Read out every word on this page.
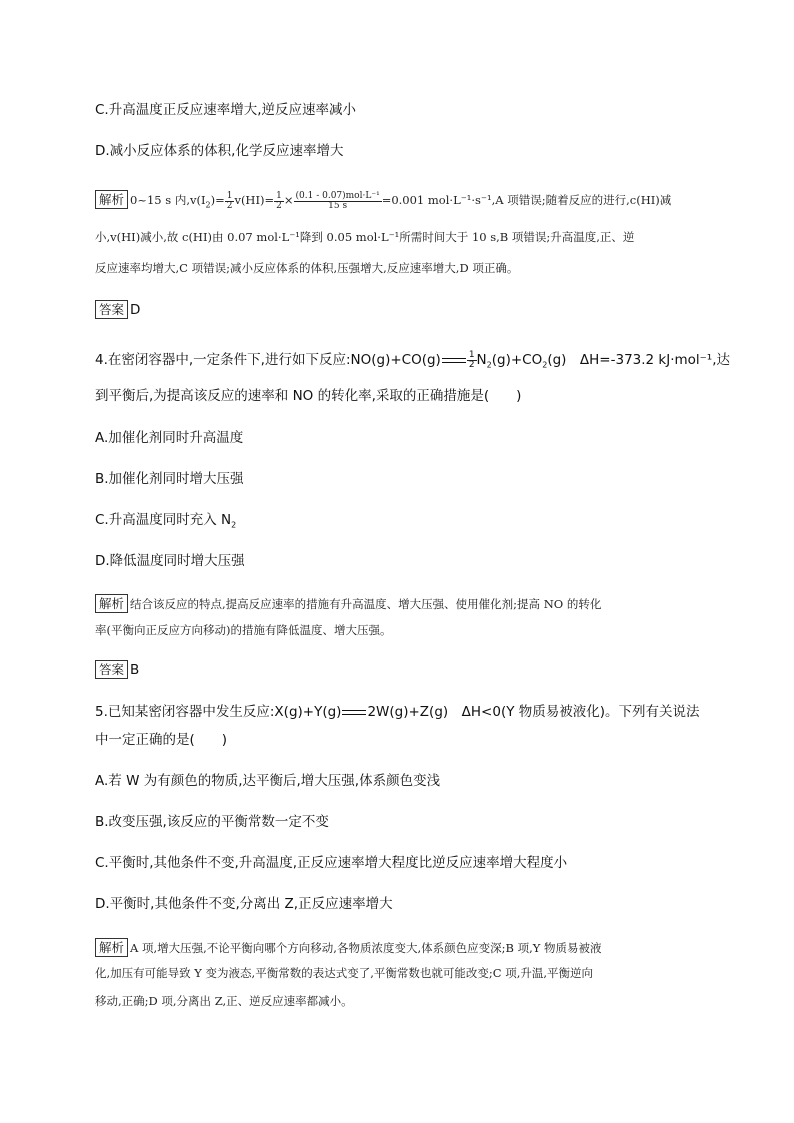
C.升高温度正反应速率增大,逆反应速率减小
D.减小反应体系的体积,化学反应速率增大
解析 0~15 s 内$,v(I_2)= \frac{1}{2} v(HI)= \frac{1}{2} \times \frac{\text{(0.1 - 0.07)mol·L⁻¹}}{15 s} =0.001$ mol·L⁻¹·s⁻¹,A 项错误;随着反应的进行,c(HI)减
小,v(HI)减小,故 c(HI)由 0.07 mol·L⁻¹降到 0.05 mol·L⁻¹所需时间大于 10 s,B 项错误;升高温度,正、逆
反应速率均增大,C 项错误;减小反应体系的体积,压强增大,反应速率增大,D 项正确。
答案 D
4.在密闭容器中,一定条件下,进行如下反应:NO(g)+CO(g)	$\frac{1}{2} N_2(g)+CO_2(g)$　ΔH=-373.2 kJ·mol⁻¹,达
到平衡后,为提高该反应的速率和 NO 的转化率,采取的正确措施是(　　)
A.加催化剂同时升高温度
B.加催化剂同时增大压强
C.升高温度同时充入 $N_2$
D.降低温度同时增大压强
解析 结合该反应的特点,提高反应速率的措施有升高温度、增大压强、使用催化剂;提高 NO 的转化
率(平衡向正反应方向移动)的措施有降低温度、增大压强。
答案 B
5.已知某密闭容器中发生反应:X(g)+Y(g) 2W(g)+Z(g)　ΔH<0(Y 物质易被液化)。下列有关说法
中一定正确的是(　　)
A.若 W 为有颜色的物质,达平衡后,增大压强,体系颜色变浅
B.改变压强,该反应的平衡常数一定不变
C.平衡时,其他条件不变,升高温度,正反应速率增大程度比逆反应速率增大程度小
D.平衡时,其他条件不变,分离出 Z,正反应速率增大
解析 A 项,增大压强,不论平衡向哪个方向移动,各物质浓度变大,体系颜色应变深;B 项,Y 物质易被液
化,加压有可能导致 Y 变为液态,平衡常数的表达式变了,平衡常数也就可能改变;C 项,升温,平衡逆向
移动,正确;D 项,分离出 Z,正、逆反应速率都减小。
